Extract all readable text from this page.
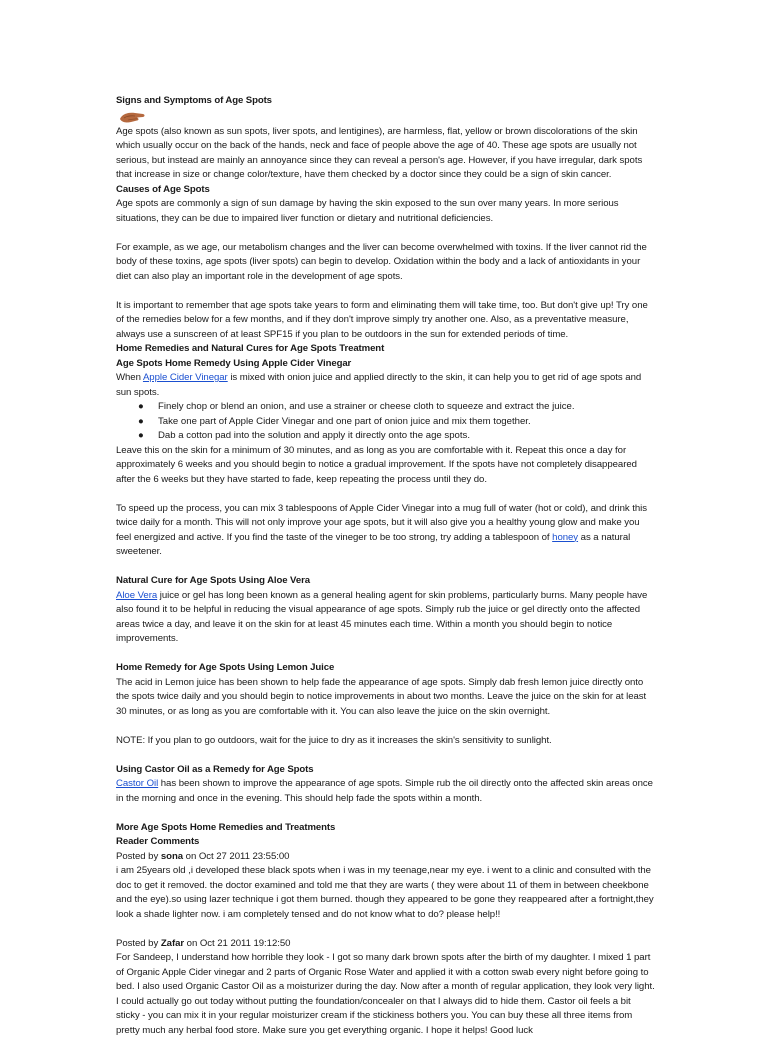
Signs and Symptoms of Age Spots

Age spots (also known as sun spots, liver spots, and lentigines), are harmless, flat, yellow or brown discolorations of the skin which usually occur on the back of the hands, neck and face of people above the age of 40. These age spots are usually not serious, but instead are mainly an annoyance since they can reveal a person's age. However, if you have irregular, dark spots that increase in size or change color/texture, have them checked by a doctor since they could be a sign of skin cancer.

Causes of Age Spots

Age spots are commonly a sign of sun damage by having the skin exposed to the sun over many years. In more serious situations, they can be due to impaired liver function or dietary and nutritional deficiencies.

For example, as we age, our metabolism changes and the liver can become overwhelmed with toxins. If the liver cannot rid the body of these toxins, age spots (liver spots) can begin to develop. Oxidation within the body and a lack of antioxidants in your diet can also play an important role in the development of age spots.

It is important to remember that age spots take years to form and eliminating them will take time, too. But don't give up! Try one of the remedies below for a few months, and if they don't improve simply try another one. Also, as a preventative measure, always use a sunscreen of at least SPF15 if you plan to be outdoors in the sun for extended periods of time.

Home Remedies and Natural Cures for Age Spots Treatment
Age Spots Home Remedy Using Apple Cider Vinegar

When Apple Cider Vinegar is mixed with onion juice and applied directly to the skin, it can help you to get rid of age spots and sun spots.

● Finely chop or blend an onion, and use a strainer or cheese cloth to squeeze and extract the juice.
● Take one part of Apple Cider Vinegar and one part of onion juice and mix them together.
● Dab a cotton pad into the solution and apply it directly onto the age spots.

Leave this on the skin for a minimum of 30 minutes, and as long as you are comfortable with it. Repeat this once a day for approximately 6 weeks and you should begin to notice a gradual improvement. If the spots have not completely disappeared after the 6 weeks but they have started to fade, keep repeating the process until they do.

To speed up the process, you can mix 3 tablespoons of Apple Cider Vinegar into a mug full of water (hot or cold), and drink this twice daily for a month. This will not only improve your age spots, but it will also give you a healthy young glow and make you feel energized and active. If you find the taste of the vineger to be too strong, try adding a tablespoon of honey as a natural sweetener.

Natural Cure for Age Spots Using Aloe Vera

Aloe Vera juice or gel has long been known as a general healing agent for skin problems, particularly burns. Many people have also found it to be helpful in reducing the visual appearance of age spots. Simply rub the juice or gel directly onto the affected areas twice a day, and leave it on the skin for at least 45 minutes each time. Within a month you should begin to notice improvements.

Home Remedy for Age Spots Using Lemon Juice

The acid in Lemon juice has been shown to help fade the appearance of age spots. Simply dab fresh lemon juice directly onto the spots twice daily and you should begin to notice improvements in about two months. Leave the juice on the skin for at least 30 minutes, or as long as you are comfortable with it. You can also leave the juice on the skin overnight.

NOTE: If you plan to go outdoors, wait for the juice to dry as it increases the skin's sensitivity to sunlight.

Using Castor Oil as a Remedy for Age Spots

Castor Oil has been shown to improve the appearance of age spots. Simple rub the oil directly onto the affected skin areas once in the morning and once in the evening. This should help fade the spots within a month.

More Age Spots Home Remedies and Treatments
Reader Comments

Posted by sona on Oct 27 2011 23:55:00

i am 25years old ,i developed these black spots when i was in my teenage,near my eye. i went to a clinic and consulted with the doc to get it removed. the doctor examined and told me that they are warts ( they were about 11 of them in between cheekbone and the eye).so using lazer technique i got them burned. though they appeared to be gone they reappeared after a fortnight,they look a shade lighter now. i am completely tensed and do not know what to do? please help!!

Posted by Zafar on Oct 21 2011 19:12:50

For Sandeep, I understand how horrible they look - I got so many dark brown spots after the birth of my daughter. I mixed 1 part of Organic Apple Cider vinegar and 2 parts of Organic Rose Water and applied it with a cotton swab every night before going to bed. I also used Organic Castor Oil as a moisturizer during the day. Now after a month of regular application, they look very light. I could actually go out today without putting the foundation/concealer on that I always did to hide them. Castor oil feels a bit sticky - you can mix it in your regular moisturizer cream if the stickiness bothers you. You can buy these all three items from pretty much any herbal food store. Make sure you get everything organic. I hope it helps! Good luck
